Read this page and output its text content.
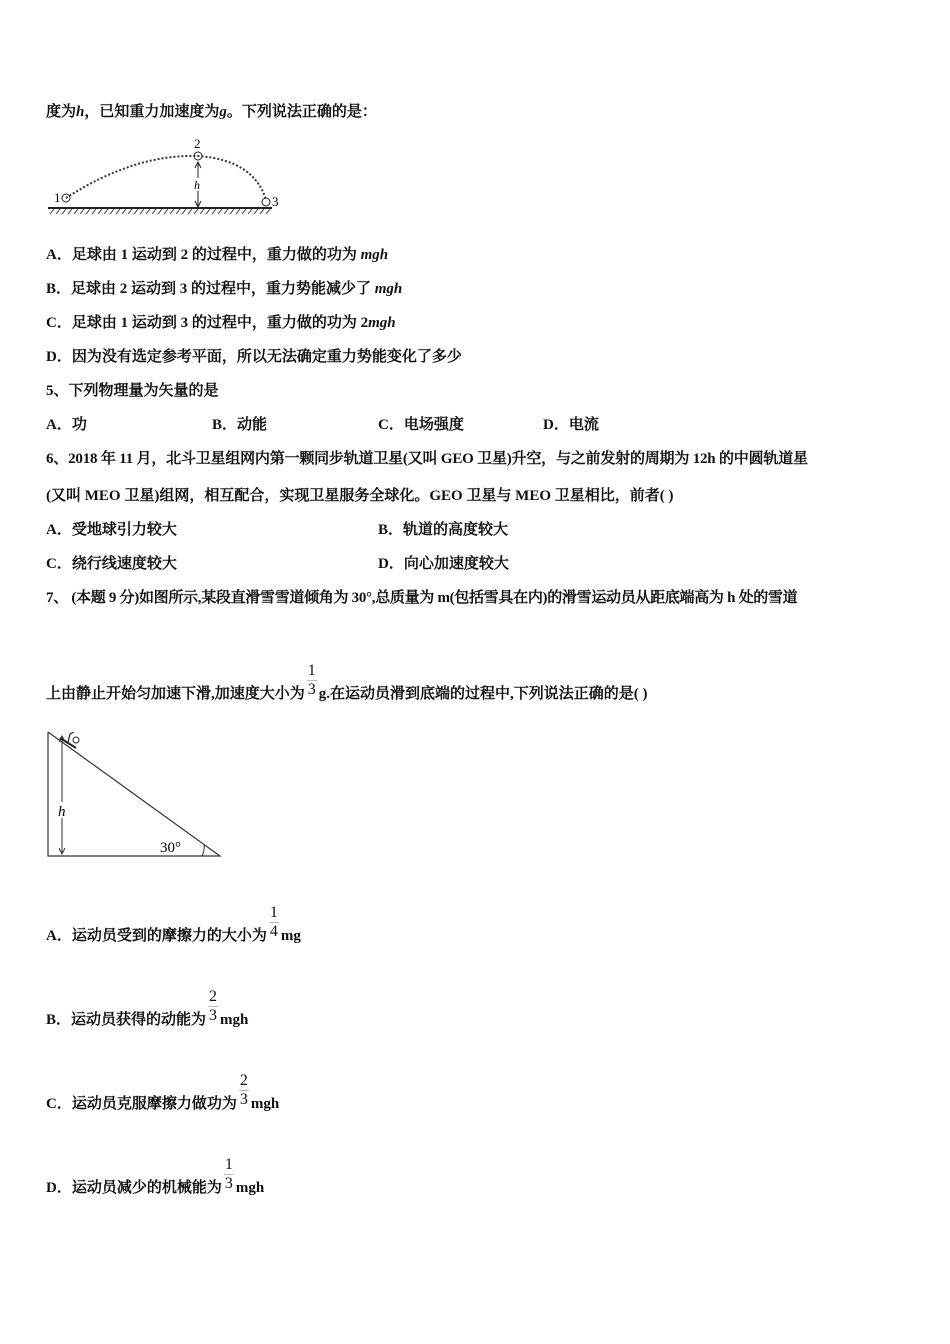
度为h，已知重力加速度为g。下列说法正确的是：
1
2
3
h
A．足球由 1 运动到 2 的过程中，重力做的功为 mgh
B．足球由 2 运动到 3 的过程中，重力势能减少了 mgh
C．足球由 1 运动到 3 的过程中，重力做的功为 2mgh
D．因为没有选定参考平面，所以无法确定重力势能变化了多少
5、下列物理量为矢量的是
A．功	B．动能	C．电场强度	D．电流
6、2018 年 11 月，北斗卫星组网内第一颗同步轨道卫星(又叫 GEO 卫星)升空，与之前发射的周期为 12h 的中圆轨道星
(又叫 MEO 卫星)组网，相互配合，实现卫星服务全球化。GEO 卫星与 MEO 卫星相比，前者( )
A．受地球引力较大	B．轨道的高度较大
C．绕行线速度较大	D．向心加速度较大
7、 (本题 9 分)如图所示,某段直滑雪雪道倾角为 30°,总质量为 m(包括雪具在内)的滑雪运动员从距底端高为 h 处的雪道
上由静止开始匀加速下滑,加速度大小为 $\frac{1}{3} g$.在运动员滑到底端的过程中,下列说法正确的是( )
h
30°
A．运动员受到的摩擦力的大小为 $\frac{1}{4}$ mg
B．运动员获得的动能为 $\frac{2}{3}$ mgh
C．运动员克服摩擦力做功为 $\frac{2}{3}$ mgh
D．运动员减少的机械能为 $\frac{1}{3}$ mgh
